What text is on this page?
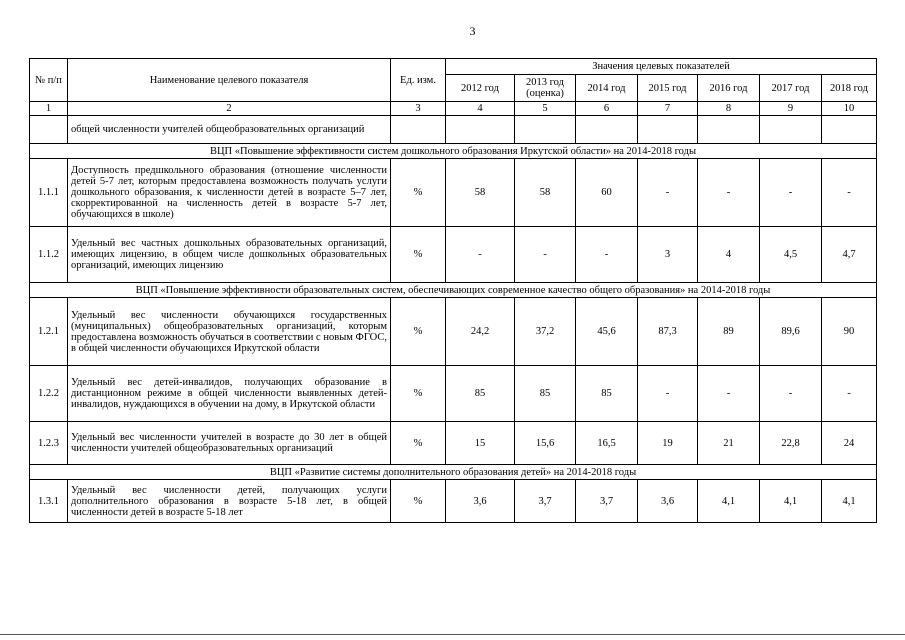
3
№ п/п	Наименование целевого показателя	Ед. изм.	Значения целевых показателей						
			2012 год	2013 год (оценка)	2014 год	2015 год	2016 год	2017 год	2018 год
1	2	3	4	5	6	7	8	9	10
	общей численности учителей общеобразовательных организаций								
ВЦП «Повышение эффективности систем дошкольного образования Иркутской области» на 2014-2018 годы									
1.1.1	Доступность предшкольного образования (отношение численности детей 5-7 лет, которым предоставлена возможность получать услуги дошкольного образования, к численности детей в возрасте 5–7 лет, скорректированной на численность детей в возрасте 5-7 лет, обучающихся в школе)	%	58	58	60	-	-	-	-
1.1.2	Удельный вес частных дошкольных образовательных организаций, имеющих лицензию, в общем числе дошкольных образовательных организаций, имеющих лицензию	%	-	-	-	3	4	4,5	4,7
ВЦП «Повышение эффективности образовательных систем, обеспечивающих современное качество общего образования» на 2014-2018 годы									
1.2.1	Удельный вес численности обучающихся государственных (муниципальных) общеобразовательных организаций, которым предоставлена возможность обучаться в соответствии с новым ФГОС, в общей численности обучающихся Иркутской области	%	24,2	37,2	45,6	87,3	89	89,6	90
1.2.2	Удельный вес детей-инвалидов, получающих образование в дистанционном режиме в общей численности выявленных детей-инвалидов, нуждающихся в обучении на дому, в Иркутской области	%	85	85	85	-	-	-	-
1.2.3	Удельный вес численности учителей в возрасте до 30 лет в общей численности учителей общеобразовательных организаций	%	15	15,6	16,5	19	21	22,8	24
ВЦП «Развитие системы дополнительного образования детей» на 2014-2018 годы									
1.3.1	Удельный вес численности детей, получающих услуги дополнительного образования в возрасте 5-18 лет, в общей численности детей в возрасте 5-18 лет	%	3,6	3,7	3,7	3,6	4,1	4,1	4,1
